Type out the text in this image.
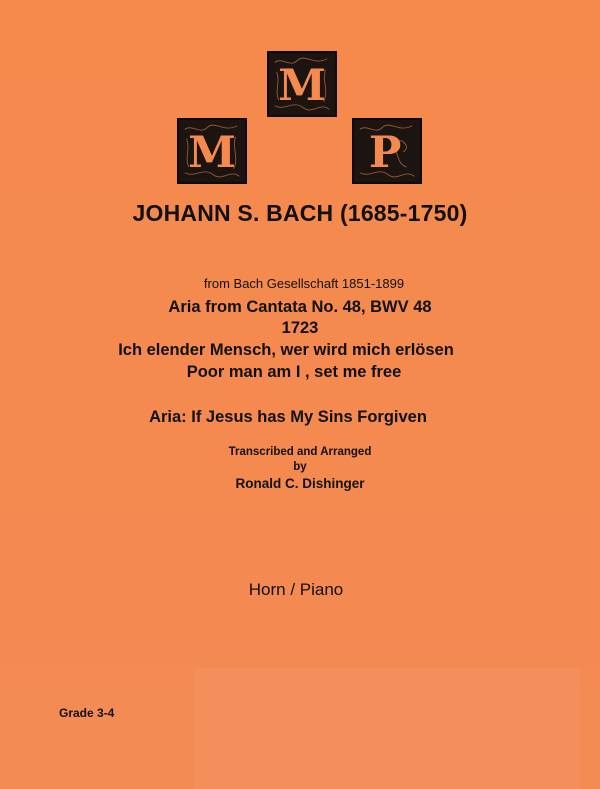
M
M	P
JOHANN S. BACH (1685-1750)
from Bach Gesellschaft 1851-1899
Aria from Cantata No. 48, BWV 48
1723
Ich elender Mensch, wer wird mich erlösen
Poor man am I , set me free
Aria: If Jesus has My Sins Forgiven
Transcribed and Arranged
by
Ronald C. Dishinger
Horn / Piano
Grade 3-4
